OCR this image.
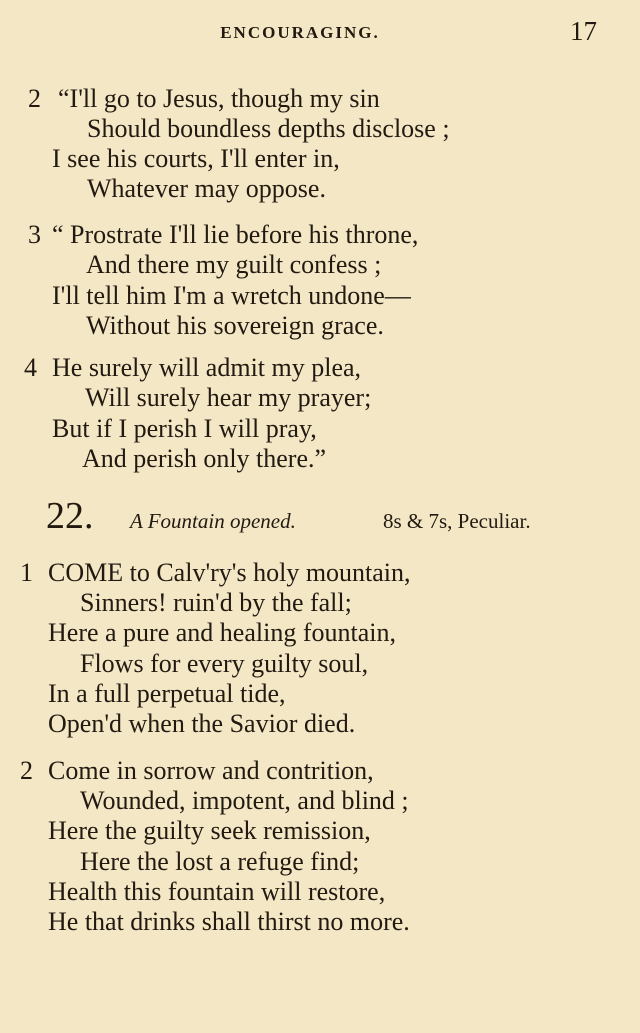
ENCOURAGING.	17
2 “I'll go to Jesus, though my sin
Should boundless depths disclose ;
I see his courts, I'll enter in,
Whatever may oppose.
3 “ Prostrate I'll lie before his throne,
And there my guilt confess ;
I'll tell him I'm a wretch undone—
Without his sovereign grace.
4 He surely will admit my plea,
Will surely hear my prayer;
But if I perish I will pray,
And perish only there.”
22. A Fountain opened.	8s & 7s, Peculiar.
1 COME to Calv'ry's holy mountain,
Sinners! ruin'd by the fall;
Here a pure and healing fountain,
Flows for every guilty soul,
In a full perpetual tide,
Open'd when the Savior died.
2 Come in sorrow and contrition,
Wounded, impotent, and blind ;
Here the guilty seek remission,
Here the lost a refuge find;
Health this fountain will restore,
He that drinks shall thirst no more.
